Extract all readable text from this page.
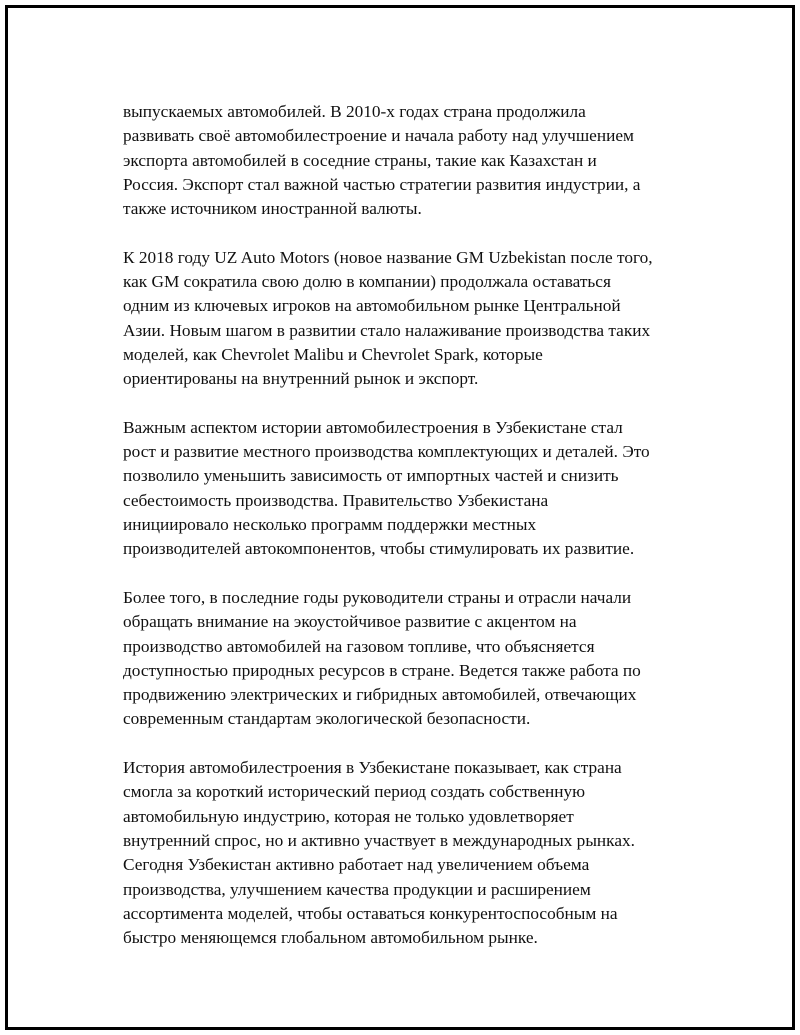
выпускаемых автомобилей. В 2010-х годах страна продолжила
развивать своё автомобилестроение и начала работу над улучшением
экспорта автомобилей в соседние страны, такие как Казахстан и
Россия. Экспорт стал важной частью стратегии развития индустрии, а
также источником иностранной валюты.

К 2018 году UZ Auto Motors (новое название GM Uzbekistan после того,
как GM сократила свою долю в компании) продолжала оставаться
одним из ключевых игроков на автомобильном рынке Центральной
Азии. Новым шагом в развитии стало налаживание производства таких
моделей, как Chevrolet Malibu и Chevrolet Spark, которые
ориентированы на внутренний рынок и экспорт.

Важным аспектом истории автомобилестроения в Узбекистане стал
рост и развитие местного производства комплектующих и деталей. Это
позволило уменьшить зависимость от импортных частей и снизить
себестоимость производства. Правительство Узбекистана
инициировало несколько программ поддержки местных
производителей автокомпонентов, чтобы стимулировать их развитие.

Более того, в последние годы руководители страны и отрасли начали
обращать внимание на экоустойчивое развитие с акцентом на
производство автомобилей на газовом топливе, что объясняется
доступностью природных ресурсов в стране. Ведется также работа по
продвижению электрических и гибридных автомобилей, отвечающих
современным стандартам экологической безопасности.

История автомобилестроения в Узбекистане показывает, как страна
смогла за короткий исторический период создать собственную
автомобильную индустрию, которая не только удовлетворяет
внутренний спрос, но и активно участвует в международных рынках.
Сегодня Узбекистан активно работает над увеличением объема
производства, улучшением качества продукции и расширением
ассортимента моделей, чтобы оставаться конкурентоспособным на
быстро меняющемся глобальном автомобильном рынке.
